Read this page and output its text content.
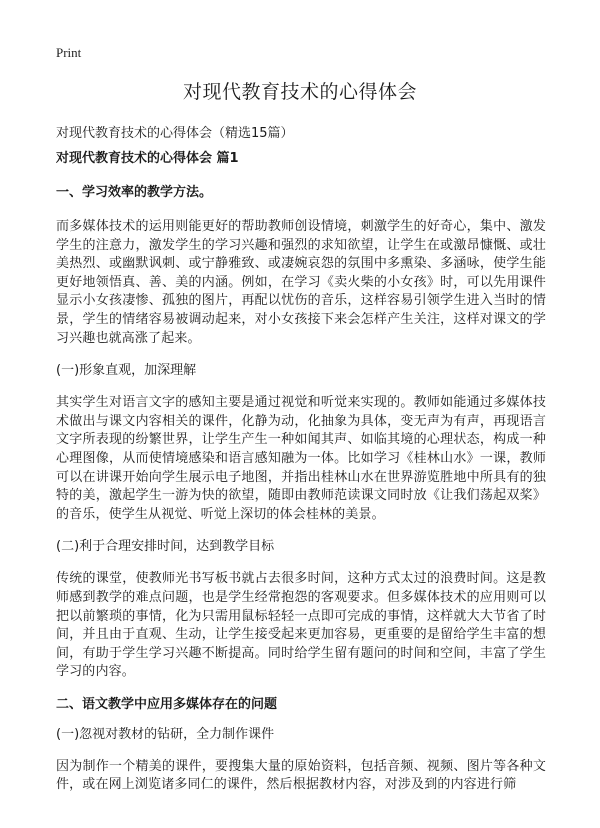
Print
对现代教育技术的心得体会

对现代教育技术的心得体会（精选15篇）

对现代教育技术的心得体会 篇1

一、学习效率的教学方法。

而多媒体技术的运用则能更好的帮助教师创设情境，刺激学生的好奇心，集中、激发学生的注意力，激发学生的学习兴趣和强烈的求知欲望，让学生在或激昂慷慨、或壮美热烈、或幽默讽刺、或宁静雅致、或凄婉哀怨的氛围中多熏染、多涵咏，使学生能更好地领悟真、善、美的内涵。例如，在学习《卖火柴的小女孩》时，可以先用课件显示小女孩凄惨、孤独的图片，再配以忧伤的音乐，这样容易引领学生进入当时的情景，学生的情绪容易被调动起来，对小女孩接下来会怎样产生关注，这样对课文的学习兴趣也就高涨了起来。

(一)形象直观，加深理解

其实学生对语言文字的感知主要是通过视觉和听觉来实现的。教师如能通过多媒体技术做出与课文内容相关的课件，化静为动，化抽象为具体，变无声为有声，再现语言文字所表现的纷繁世界，让学生产生一种如闻其声、如临其境的心理状态，构成一种心理图像，从而使情境感染和语言感知融为一体。比如学习《桂林山水》一课，教师可以在讲课开始向学生展示电子地图，并指出桂林山水在世界游览胜地中所具有的独特的美，激起学生一游为快的欲望，随即由教师范读课文同时放《让我们荡起双桨》的音乐，使学生从视觉、听觉上深切的体会桂林的美景。

(二)利于合理安排时间，达到教学目标

传统的课堂，使教师光书写板书就占去很多时间，这种方式太过的浪费时间。这是教师感到教学的难点问题，也是学生经常抱怨的客观要求。但多媒体技术的应用则可以把以前繁琐的事情，化为只需用鼠标轻轻一点即可完成的事情，这样就大大节省了时间，并且由于直观、生动，让学生接受起来更加容易，更重要的是留给学生丰富的想间，有助于学生学习兴趣不断提高。同时给学生留有题问的时间和空间，丰富了学生学习的内容。

二、语文教学中应用多媒体存在的问题

(一)忽视对教材的钻研，全力制作课件

因为制作一个精美的课件，要搜集大量的原始资料，包括音频、视频、图片等各种文件，或在网上浏览诸多同仁的课件，然后根据教材内容，对涉及到的内容进行筛
